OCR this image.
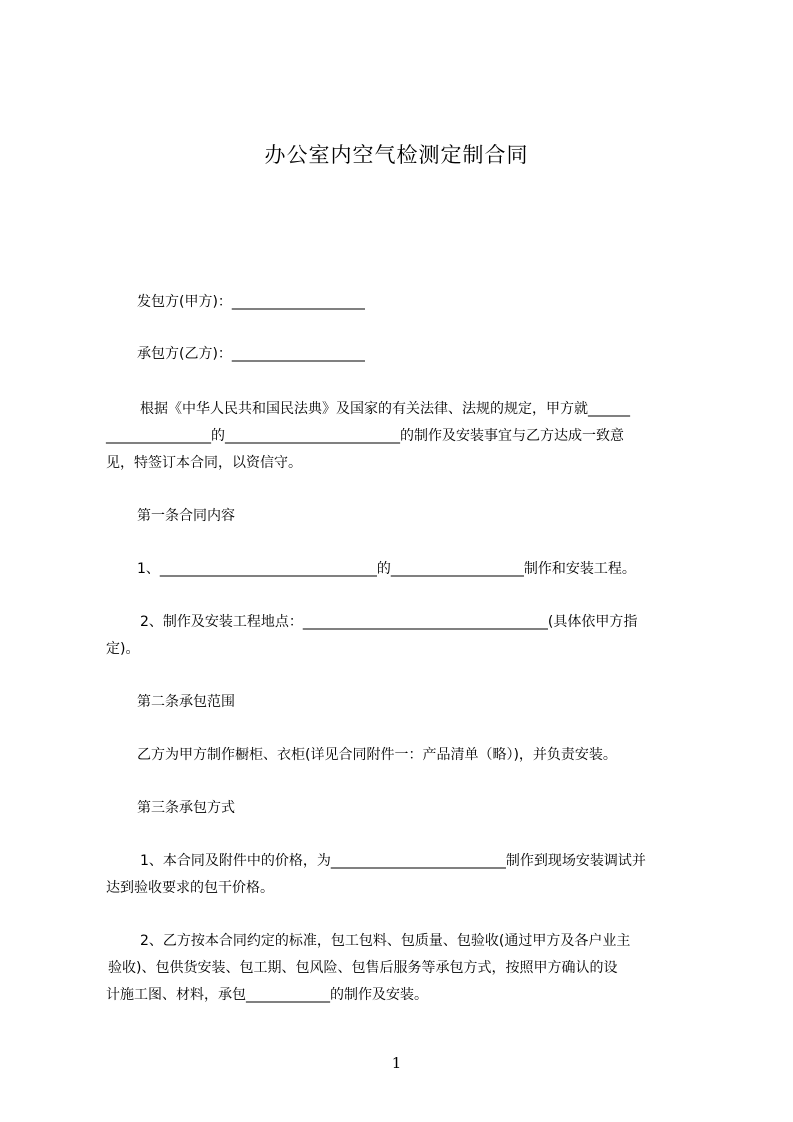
办公室内空气检测定制合同
发包方(甲方)：___________________
承包方(乙方)：___________________
根据《中华人民共和国民法典》及国家的有关法律、法规的规定，甲方就______
_______________的_________________________的制作及安装事宜与乙方达成一致意
见，特签订本合同，以资信守。
第一条合同内容
1、_______________________________的___________________制作和安装工程。
2、制作及安装工程地点：___________________________________(具体依甲方指
定)。
第二条承包范围
乙方为甲方制作橱柜、衣柜(详见合同附件一：产品清单（略）)，并负责安装。
第三条承包方式
1、本合同及附件中的价格，为_________________________制作到现场安装调试并
达到验收要求的包干价格。
2、乙方按本合同约定的标准，包工包料、包质量、包验收(通过甲方及各户业主
验收)、包供货安装、包工期、包风险、包售后服务等承包方式，按照甲方确认的设
计施工图、材料，承包____________的制作及安装。
1
